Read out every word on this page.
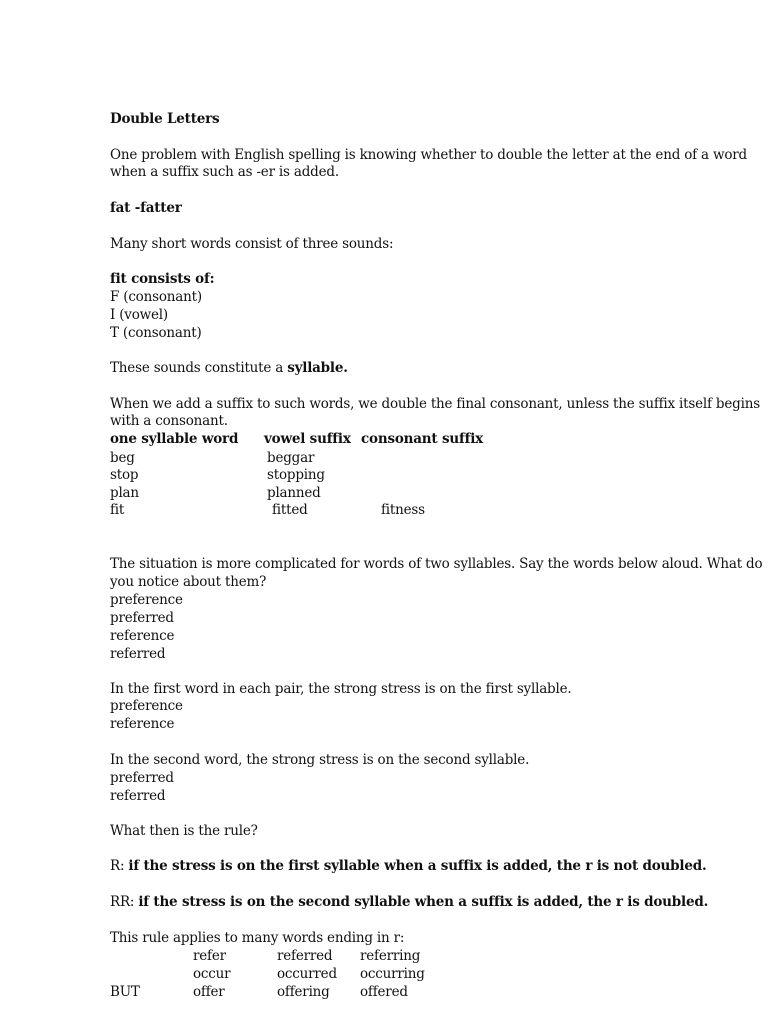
Double Letters
One problem with English spelling is knowing whether to double the letter at the end of a word
when a suffix such as -er is added.
fat -fatter
Many short words consist of three sounds:
fit consists of:
F (consonant)
I (vowel)
T (consonant)
These sounds constitute a syllable.
When we add a suffix to such words, we double the final consonant, unless the suffix itself begins
with a consonant.
one syllable word vowel suffix consonant suffix
beg	beggar
stop	stopping
plan	planned
fit	fitted	fitness
The situation is more complicated for words of two syllables. Say the words below aloud. What do
you notice about them?
preference
preferred
reference
referred
In the first word in each pair, the strong stress is on the first syllable.
preference
reference
In the second word, the strong stress is on the second syllable.
preferred
referred
What then is the rule?
R: if the stress is on the first syllable when a suffix is added, the r is not doubled.
RR: if the stress is on the second syllable when a suffix is added, the r is doubled.
This rule applies to many words ending in r:
refer	referred referring
occur	occurred occurring
BUT	offer	offering offered
